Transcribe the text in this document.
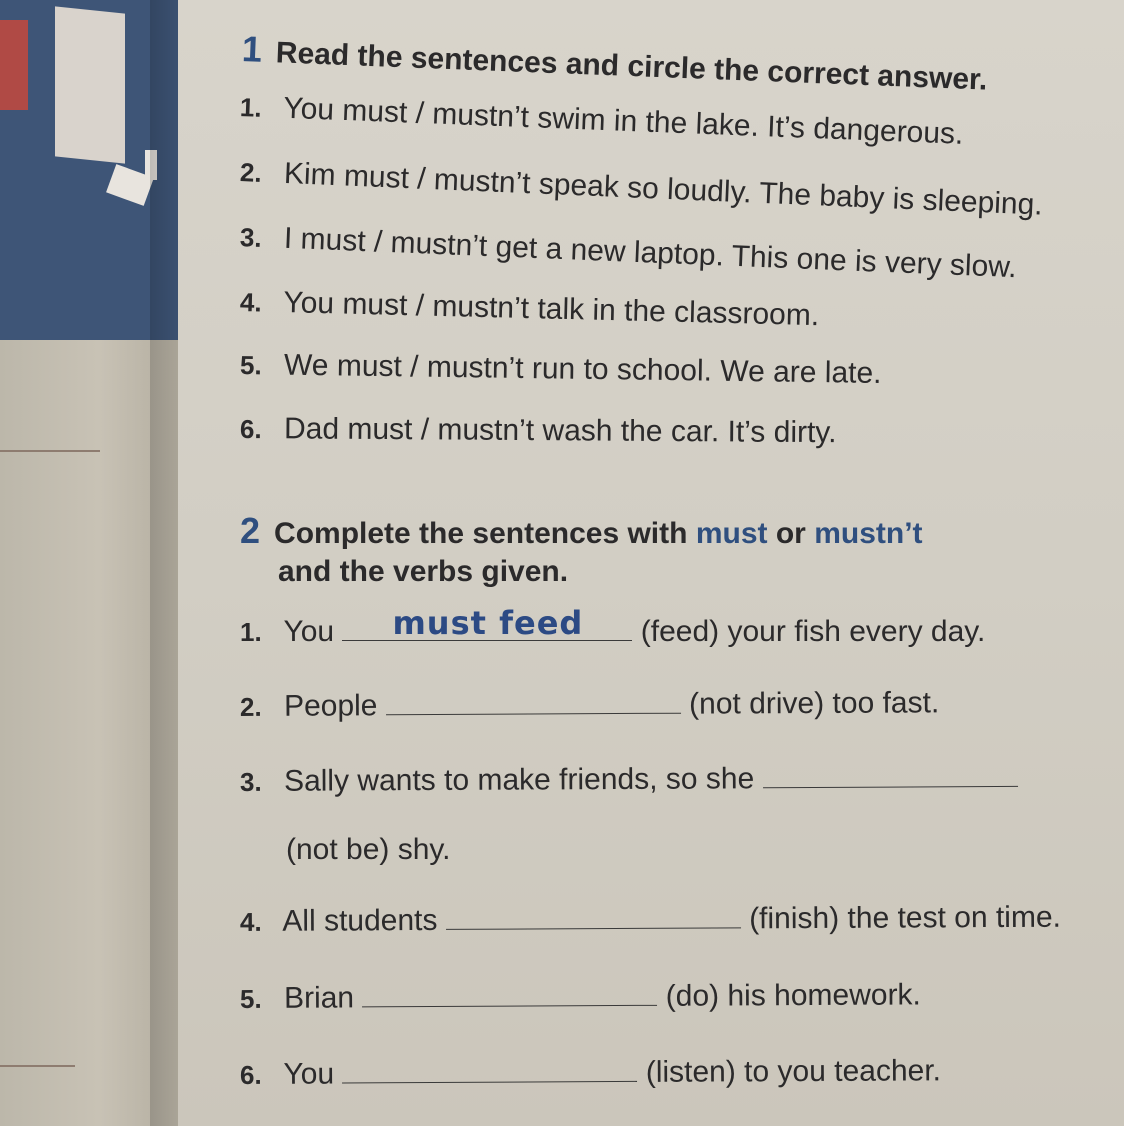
1 Read the sentences and circle the correct answer.
1. You must / mustn’t swim in the lake. It’s dangerous.
2. Kim must / mustn’t speak so loudly. The baby is sleeping.
3. I must / mustn’t get a new laptop. This one is very slow.
4. You must / mustn’t talk in the classroom.
5. We must / mustn’t run to school. We are late.
6. Dad must / mustn’t wash the car. It’s dirty.
2 Complete the sentences with must or mustn’t
and the verbs given.
1. You must feed (feed) your fish every day.
2. People	(not drive) too fast.
3. Sally wants to make friends, so she
(not be) shy.
4. All students	(finish) the test on time.
5. Brian	(do) his homework.
6. You	(listen) to you teacher.
